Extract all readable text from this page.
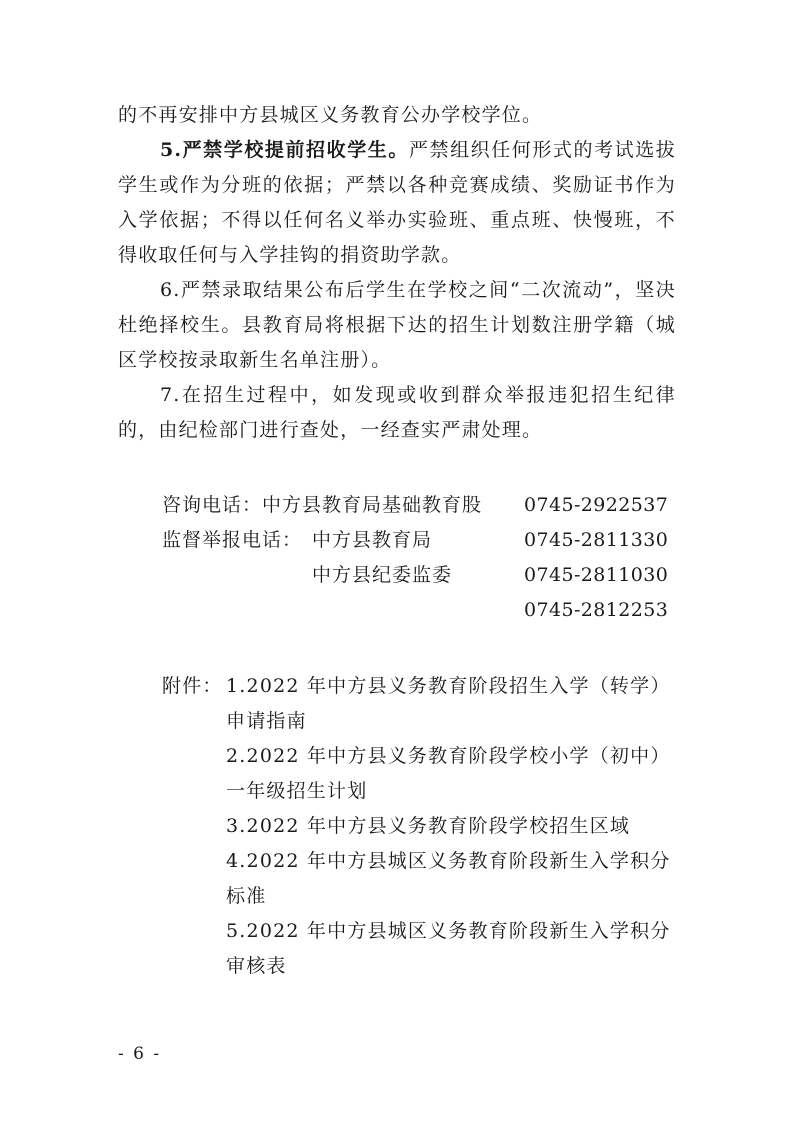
的不再安排中方县城区义务教育公办学校学位。

5.严禁学校提前招收学生。严禁组织任何形式的考试选拔学生或作为分班的依据；严禁以各种竞赛成绩、奖励证书作为入学依据；不得以任何名义举办实验班、重点班、快慢班，不得收取任何与入学挂钩的捐资助学款。

6.严禁录取结果公布后学生在学校之间“二次流动”，坚决杜绝择校生。县教育局将根据下达的招生计划数注册学籍（城区学校按录取新生名单注册）。

7.在招生过程中，如发现或收到群众举报违犯招生纪律的，由纪检部门进行查处，一经查实严肃处理。

咨询电话： 中方县教育局基础教育股 0745-2922537
监督举报电话： 中方县教育局	0745-2811330
中方县纪委监委	0745-2811030
0745-2812253
附件： 1.2022 年中方县义务教育阶段招生入学（转学）申请指南

2.2022 年中方县义务教育阶段学校小学（初中）一年级招生计划

3.2022 年中方县义务教育阶段学校招生区域

4.2022 年中方县城区义务教育阶段新生入学积分标准

5.2022 年中方县城区义务教育阶段新生入学积分审核表

- 6 -
